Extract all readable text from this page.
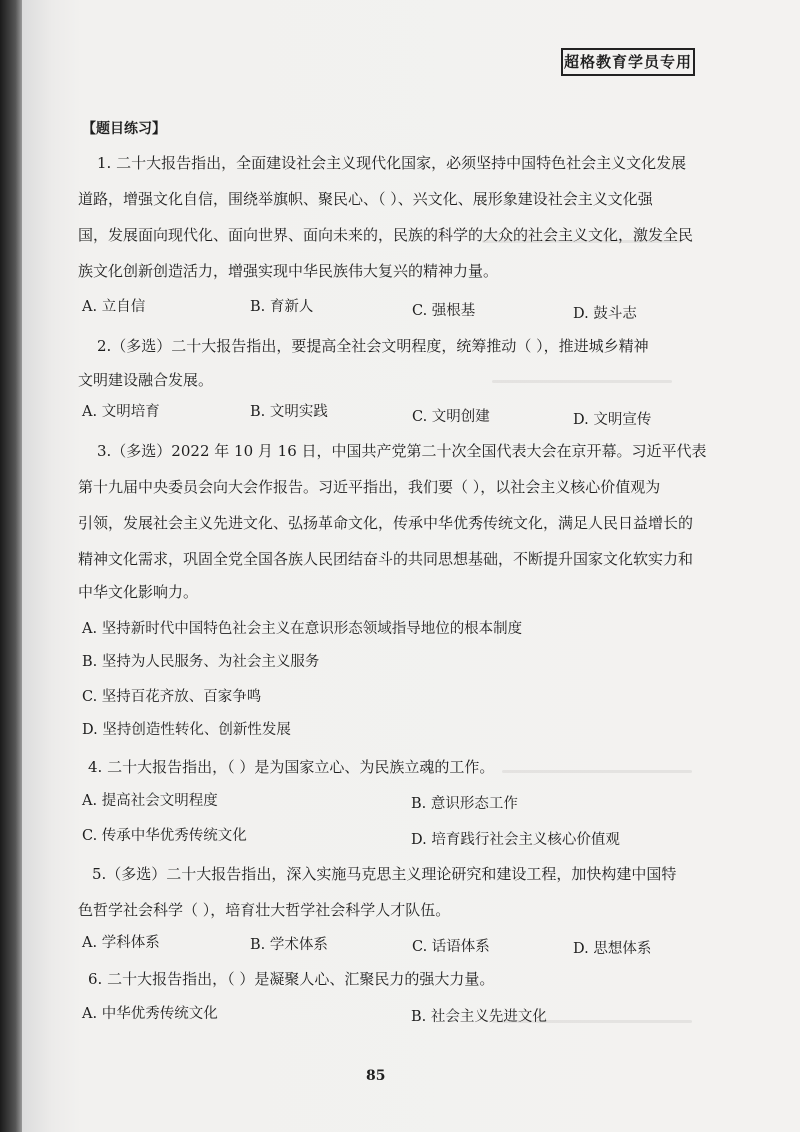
超格教育学员专用
【题目练习】
1. 二十大报告指出，全面建设社会主义现代化国家，必须坚持中国特色社会主义文化发展
道路，增强文化自信，围绕举旗帜、聚民心、（ ）、兴文化、展形象建设社会主义文化强
国，发展面向现代化、面向世界、面向未来的，民族的科学的大众的社会主义文化，激发全民
族文化创新创造活力，增强实现中华民族伟大复兴的精神力量。
A. 立自信	B. 育新人	C. 强根基	D. 鼓斗志
2.（多选）二十大报告指出，要提高全社会文明程度，统筹推动（ ），推进城乡精神
文明建设融合发展。
A. 文明培育	B. 文明实践	C. 文明创建	D. 文明宣传
3.（多选）2022 年 10 月 16 日，中国共产党第二十次全国代表大会在京开幕。习近平代表
第十九届中央委员会向大会作报告。习近平指出，我们要（ ），以社会主义核心价值观为
引领，发展社会主义先进文化、弘扬革命文化，传承中华优秀传统文化，满足人民日益增长的
精神文化需求，巩固全党全国各族人民团结奋斗的共同思想基础，不断提升国家文化软实力和
中华文化影响力。
A. 坚持新时代中国特色社会主义在意识形态领域指导地位的根本制度
B. 坚持为人民服务、为社会主义服务
C. 坚持百花齐放、百家争鸣
D. 坚持创造性转化、创新性发展
4. 二十大报告指出，（ ）是为国家立心、为民族立魂的工作。
A. 提高社会文明程度	B. 意识形态工作
C. 传承中华优秀传统文化	D. 培育践行社会主义核心价值观
5.（多选）二十大报告指出，深入实施马克思主义理论研究和建设工程，加快构建中国特
色哲学社会科学（ ），培育壮大哲学社会科学人才队伍。
A. 学科体系	B. 学术体系	C. 话语体系	D. 思想体系
6. 二十大报告指出，（ ）是凝聚人心、汇聚民力的强大力量。
A. 中华优秀传统文化	B. 社会主义先进文化
85
